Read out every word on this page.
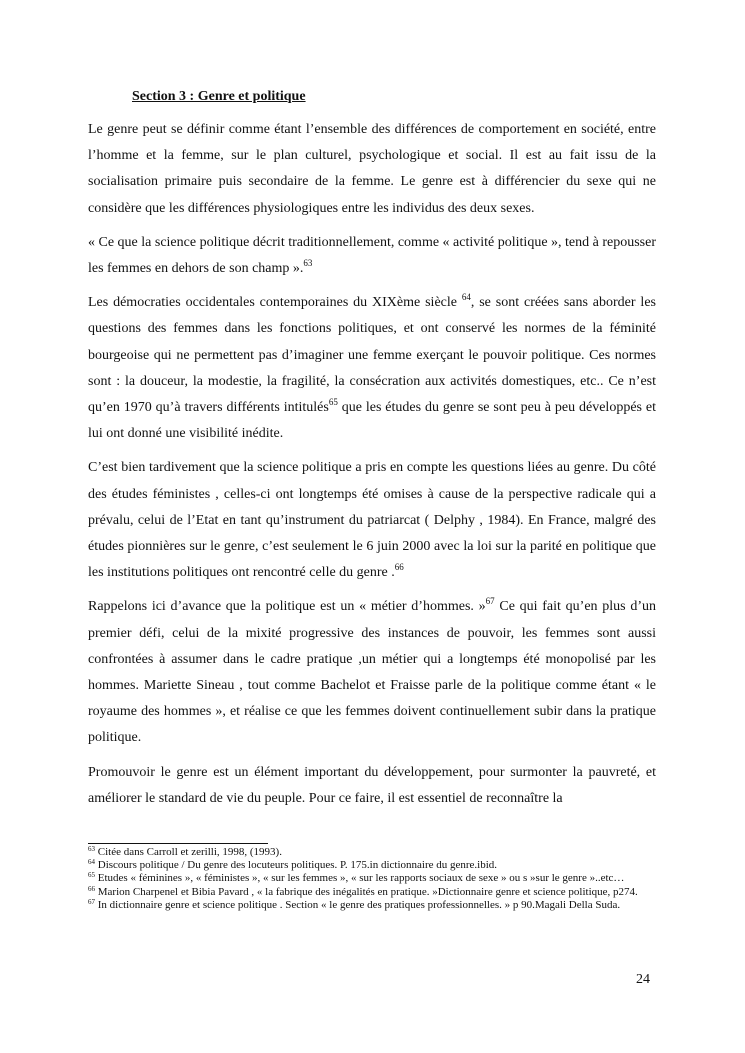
Section 3 : Genre et politique

Le genre peut se définir comme étant l’ensemble des différences de comportement en société, entre l’homme et la femme, sur le plan culturel, psychologique et social. Il est au fait issu de la socialisation primaire puis secondaire de la femme. Le genre est à différencier du sexe qui ne considère que les différences physiologiques entre les individus des deux sexes.

« Ce que la science politique décrit traditionnellement, comme « activité politique », tend à repousser les femmes en dehors de son champ ».$^{63}$

Les démocraties occidentales contemporaines du XIXème siècle $^{64}$, se sont créées sans aborder les questions des femmes dans les fonctions politiques, et ont conservé les normes de la féminité bourgeoise qui ne permettent pas d’imaginer une femme exerçant le pouvoir politique. Ces normes sont : la douceur, la modestie, la fragilité, la consécration aux activités domestiques, etc.. Ce n’est qu’en 1970 qu’à travers différents intitulés$^{65}$ que les études du genre se sont peu à peu développés et lui ont donné une visibilité inédite.

C’est bien tardivement que la science politique a pris en compte les questions liées au genre. Du côté des études féministes , celles-ci ont longtemps été omises à cause de la perspective radicale qui a prévalu, celui de l’Etat en tant qu’instrument du patriarcat ( Delphy , 1984). En France, malgré des études pionnières sur le genre, c’est seulement le 6 juin 2000 avec la loi sur la parité en politique que les institutions politiques ont rencontré celle du genre .$^{66}$

Rappelons ici d’avance que la politique est un « métier d’hommes. »$^{67}$ Ce qui fait qu’en plus d’un premier défi, celui de la mixité progressive des instances de pouvoir, les femmes sont aussi confrontées à assumer dans le cadre pratique ,un métier qui a longtemps été monopolisé par les hommes. Mariette Sineau , tout comme Bachelot et Fraisse parle de la politique comme étant « le royaume des hommes », et réalise ce que les femmes doivent continuellement subir dans la pratique politique.

Promouvoir le genre est un élément important du développement, pour surmonter la pauvreté, et améliorer le standard de vie du peuple. Pour ce faire, il est essentiel de reconnaître la

$^{63}$ Citée dans Carroll et zerilli, 1998, (1993).

$^{64}$ Discours politique / Du genre des locuteurs politiques. P. 175.in dictionnaire du genre.ibid.

$^{65}$ Etudes « féminines », « féministes », « sur les femmes », « sur les rapports sociaux de sexe » ou s »sur le genre »..etc…

$^{66}$ Marion Charpenel et Bibia Pavard , « la fabrique des inégalités en pratique. »Dictionnaire genre et science politique, p274.

$^{67}$ In dictionnaire genre et science politique . Section « le genre des pratiques professionnelles. » p 90.Magali Della Suda.

24
